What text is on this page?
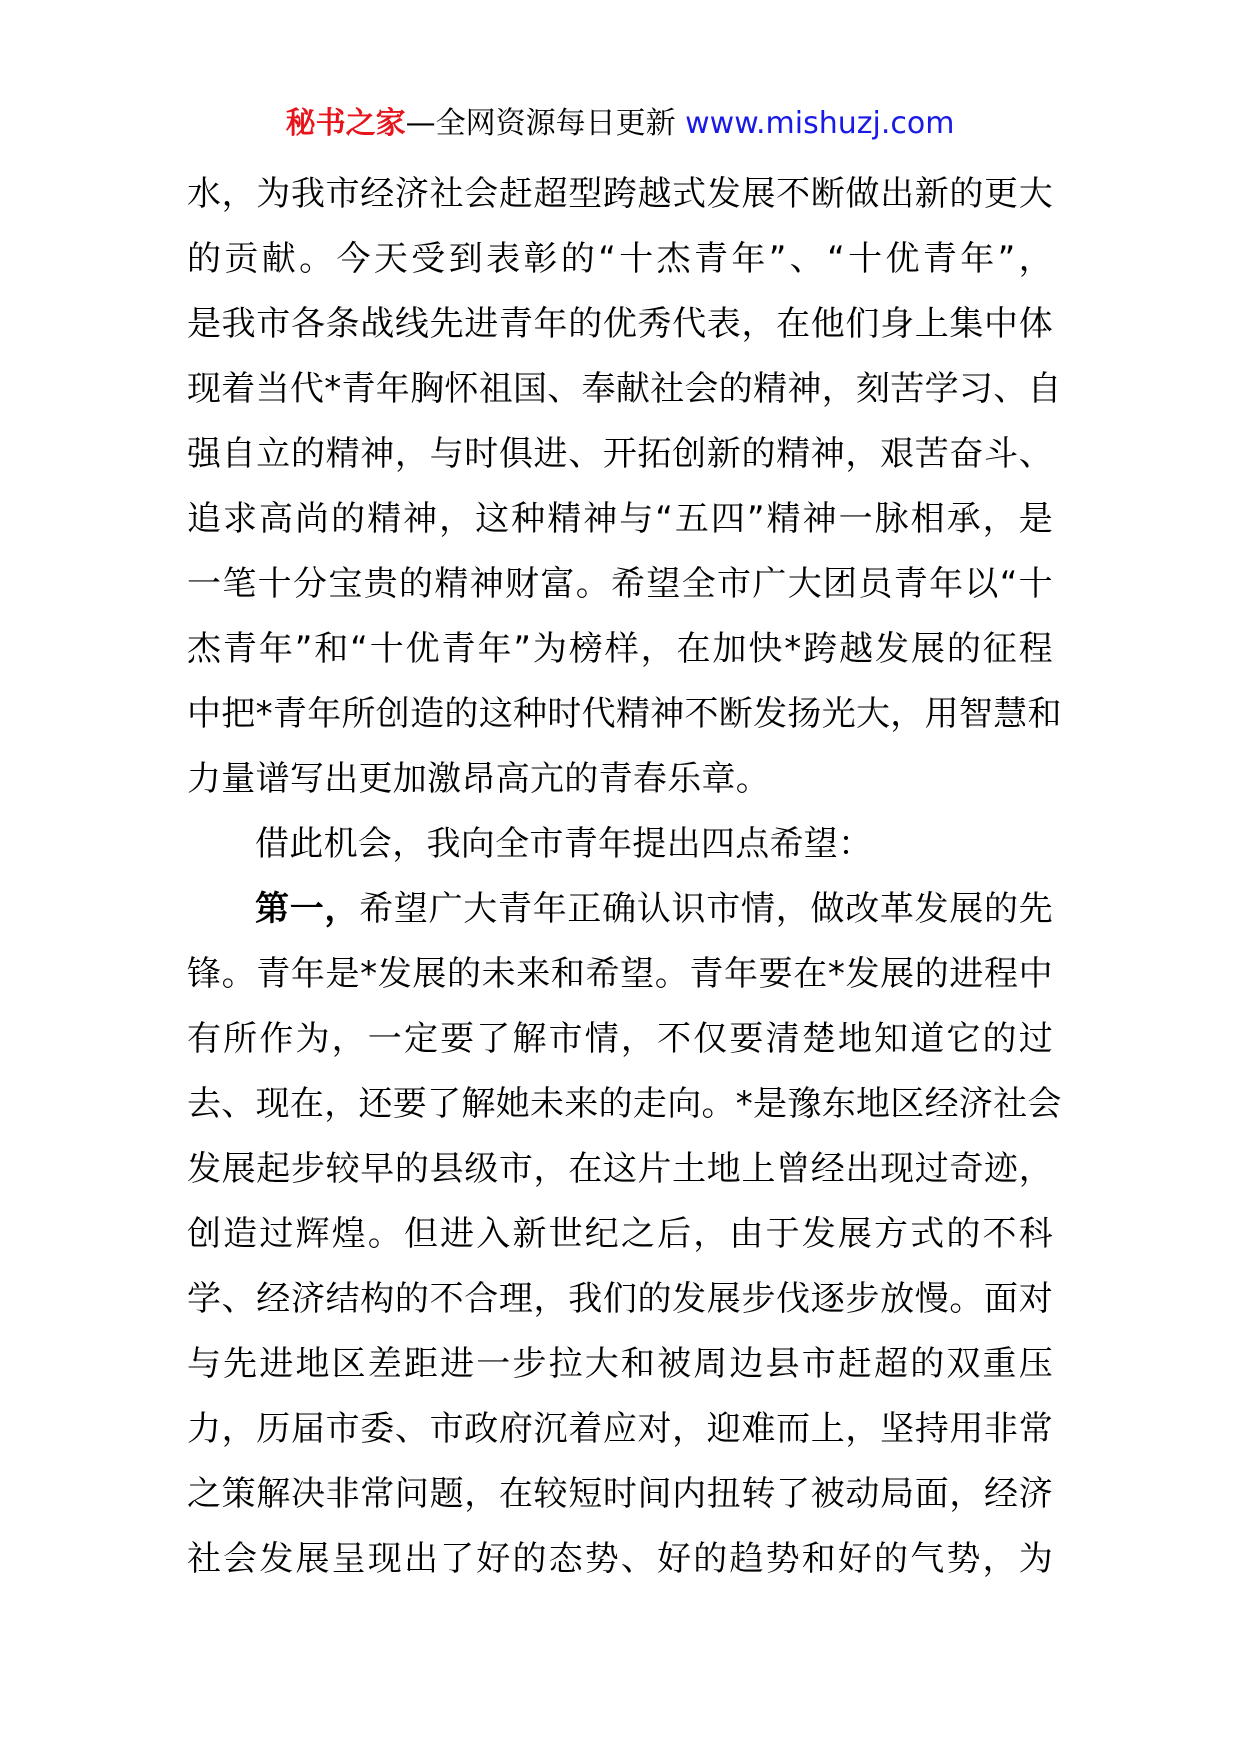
秘书之家—全网资源每日更新 www.mishuzj.com
水，为我市经济社会赶超型跨越式发展不断做出新的更大
的贡献。今天受到表彰的“十杰青年”、“十优青年”，
是我市各条战线先进青年的优秀代表，在他们身上集中体
现着当代*青年胸怀祖国、奉献社会的精神，刻苦学习、自
强自立的精神，与时俱进、开拓创新的精神，艰苦奋斗、
追求高尚的精神，这种精神与“五四”精神一脉相承，是
一笔十分宝贵的精神财富。希望全市广大团员青年以“十
杰青年”和“十优青年”为榜样，在加快*跨越发展的征程
中把*青年所创造的这种时代精神不断发扬光大，用智慧和
力量谱写出更加激昂高亢的青春乐章。
借此机会，我向全市青年提出四点希望：
第一，希望广大青年正确认识市情，做改革发展的先
锋。青年是*发展的未来和希望。青年要在*发展的进程中
有所作为，一定要了解市情，不仅要清楚地知道它的过
去、现在，还要了解她未来的走向。*是豫东地区经济社会
发展起步较早的县级市，在这片土地上曾经出现过奇迹，
创造过辉煌。但进入新世纪之后，由于发展方式的不科
学、经济结构的不合理，我们的发展步伐逐步放慢。面对
与先进地区差距进一步拉大和被周边县市赶超的双重压
力，历届市委、市政府沉着应对，迎难而上，坚持用非常
之策解决非常问题，在较短时间内扭转了被动局面，经济
社会发展呈现出了好的态势、好的趋势和好的气势，为
